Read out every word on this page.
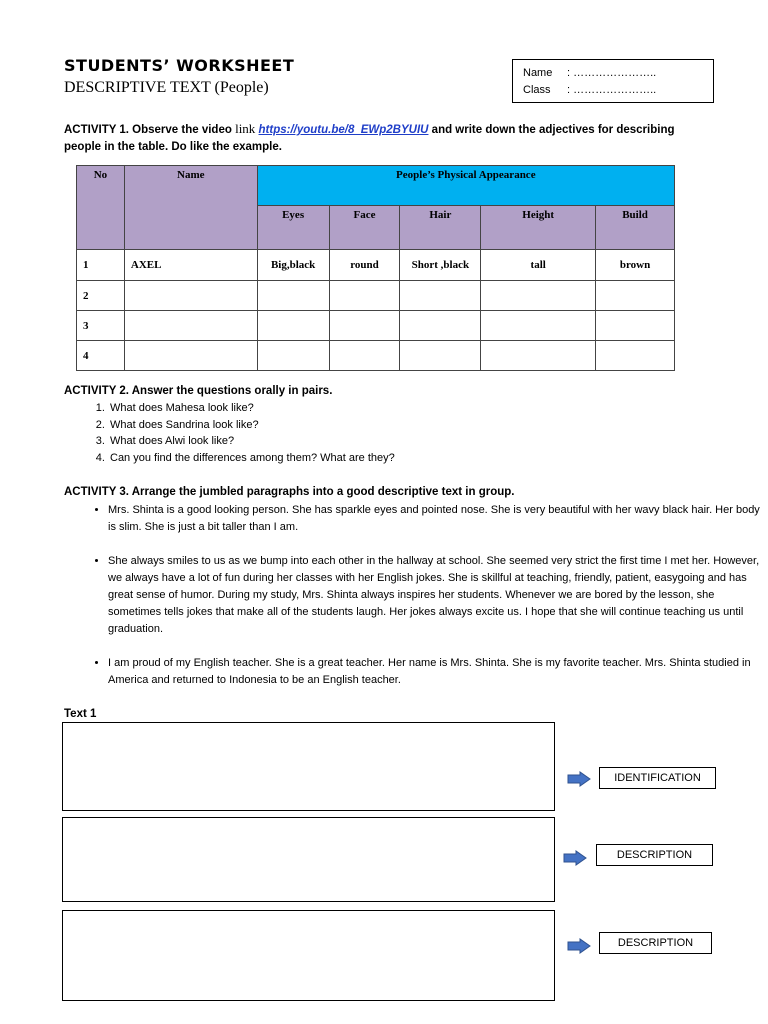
STUDENTS’ WORKSHEET
DESCRIPTIVE TEXT (People)
Name : …………………..
Class : …………………..
ACTIVITY 1. Observe the video link https://youtu.be/8_EWp2BYUIU and write down the adjectives for describing
people in the table. Do like the example.
No	Name	People’s Physical Appearance				
		Eyes	Face	Hair	Height	Build
1	AXEL	Big,black	round	Short ,black	tall	brown
2						
3						
4						
ACTIVITY 2. Answer the questions orally in pairs.
1. What does Mahesa look like?
2. What does Sandrina look like?
3. What does Alwi look like?
4. Can you find the differences among them? What are they?
ACTIVITY 3. Arrange the jumbled paragraphs into a good descriptive text in group.
• Mrs. Shinta is a good looking person. She has sparkle eyes and pointed nose. She is very beautiful with her wavy black hair. Her body is slim. She is just a bit taller than I am.
• She always smiles to us as we bump into each other in the hallway at school. She seemed very strict the first time I met her. However, we always have a lot of fun during her classes with her English jokes. She is skillful at teaching, friendly, patient, easygoing and has great sense of humor. During my study, Mrs. Shinta always inspires her students. Whenever we are bored by the lesson, she sometimes tells jokes that make all of the students laugh. Her jokes always excite us. I hope that she will continue teaching us until graduation.
• I am proud of my English teacher. She is a great teacher. Her name is Mrs. Shinta. She is my favorite teacher. Mrs. Shinta studied in America and returned to Indonesia to be an English teacher.
Text 1
IDENTIFICATION
DESCRIPTION
DESCRIPTION
